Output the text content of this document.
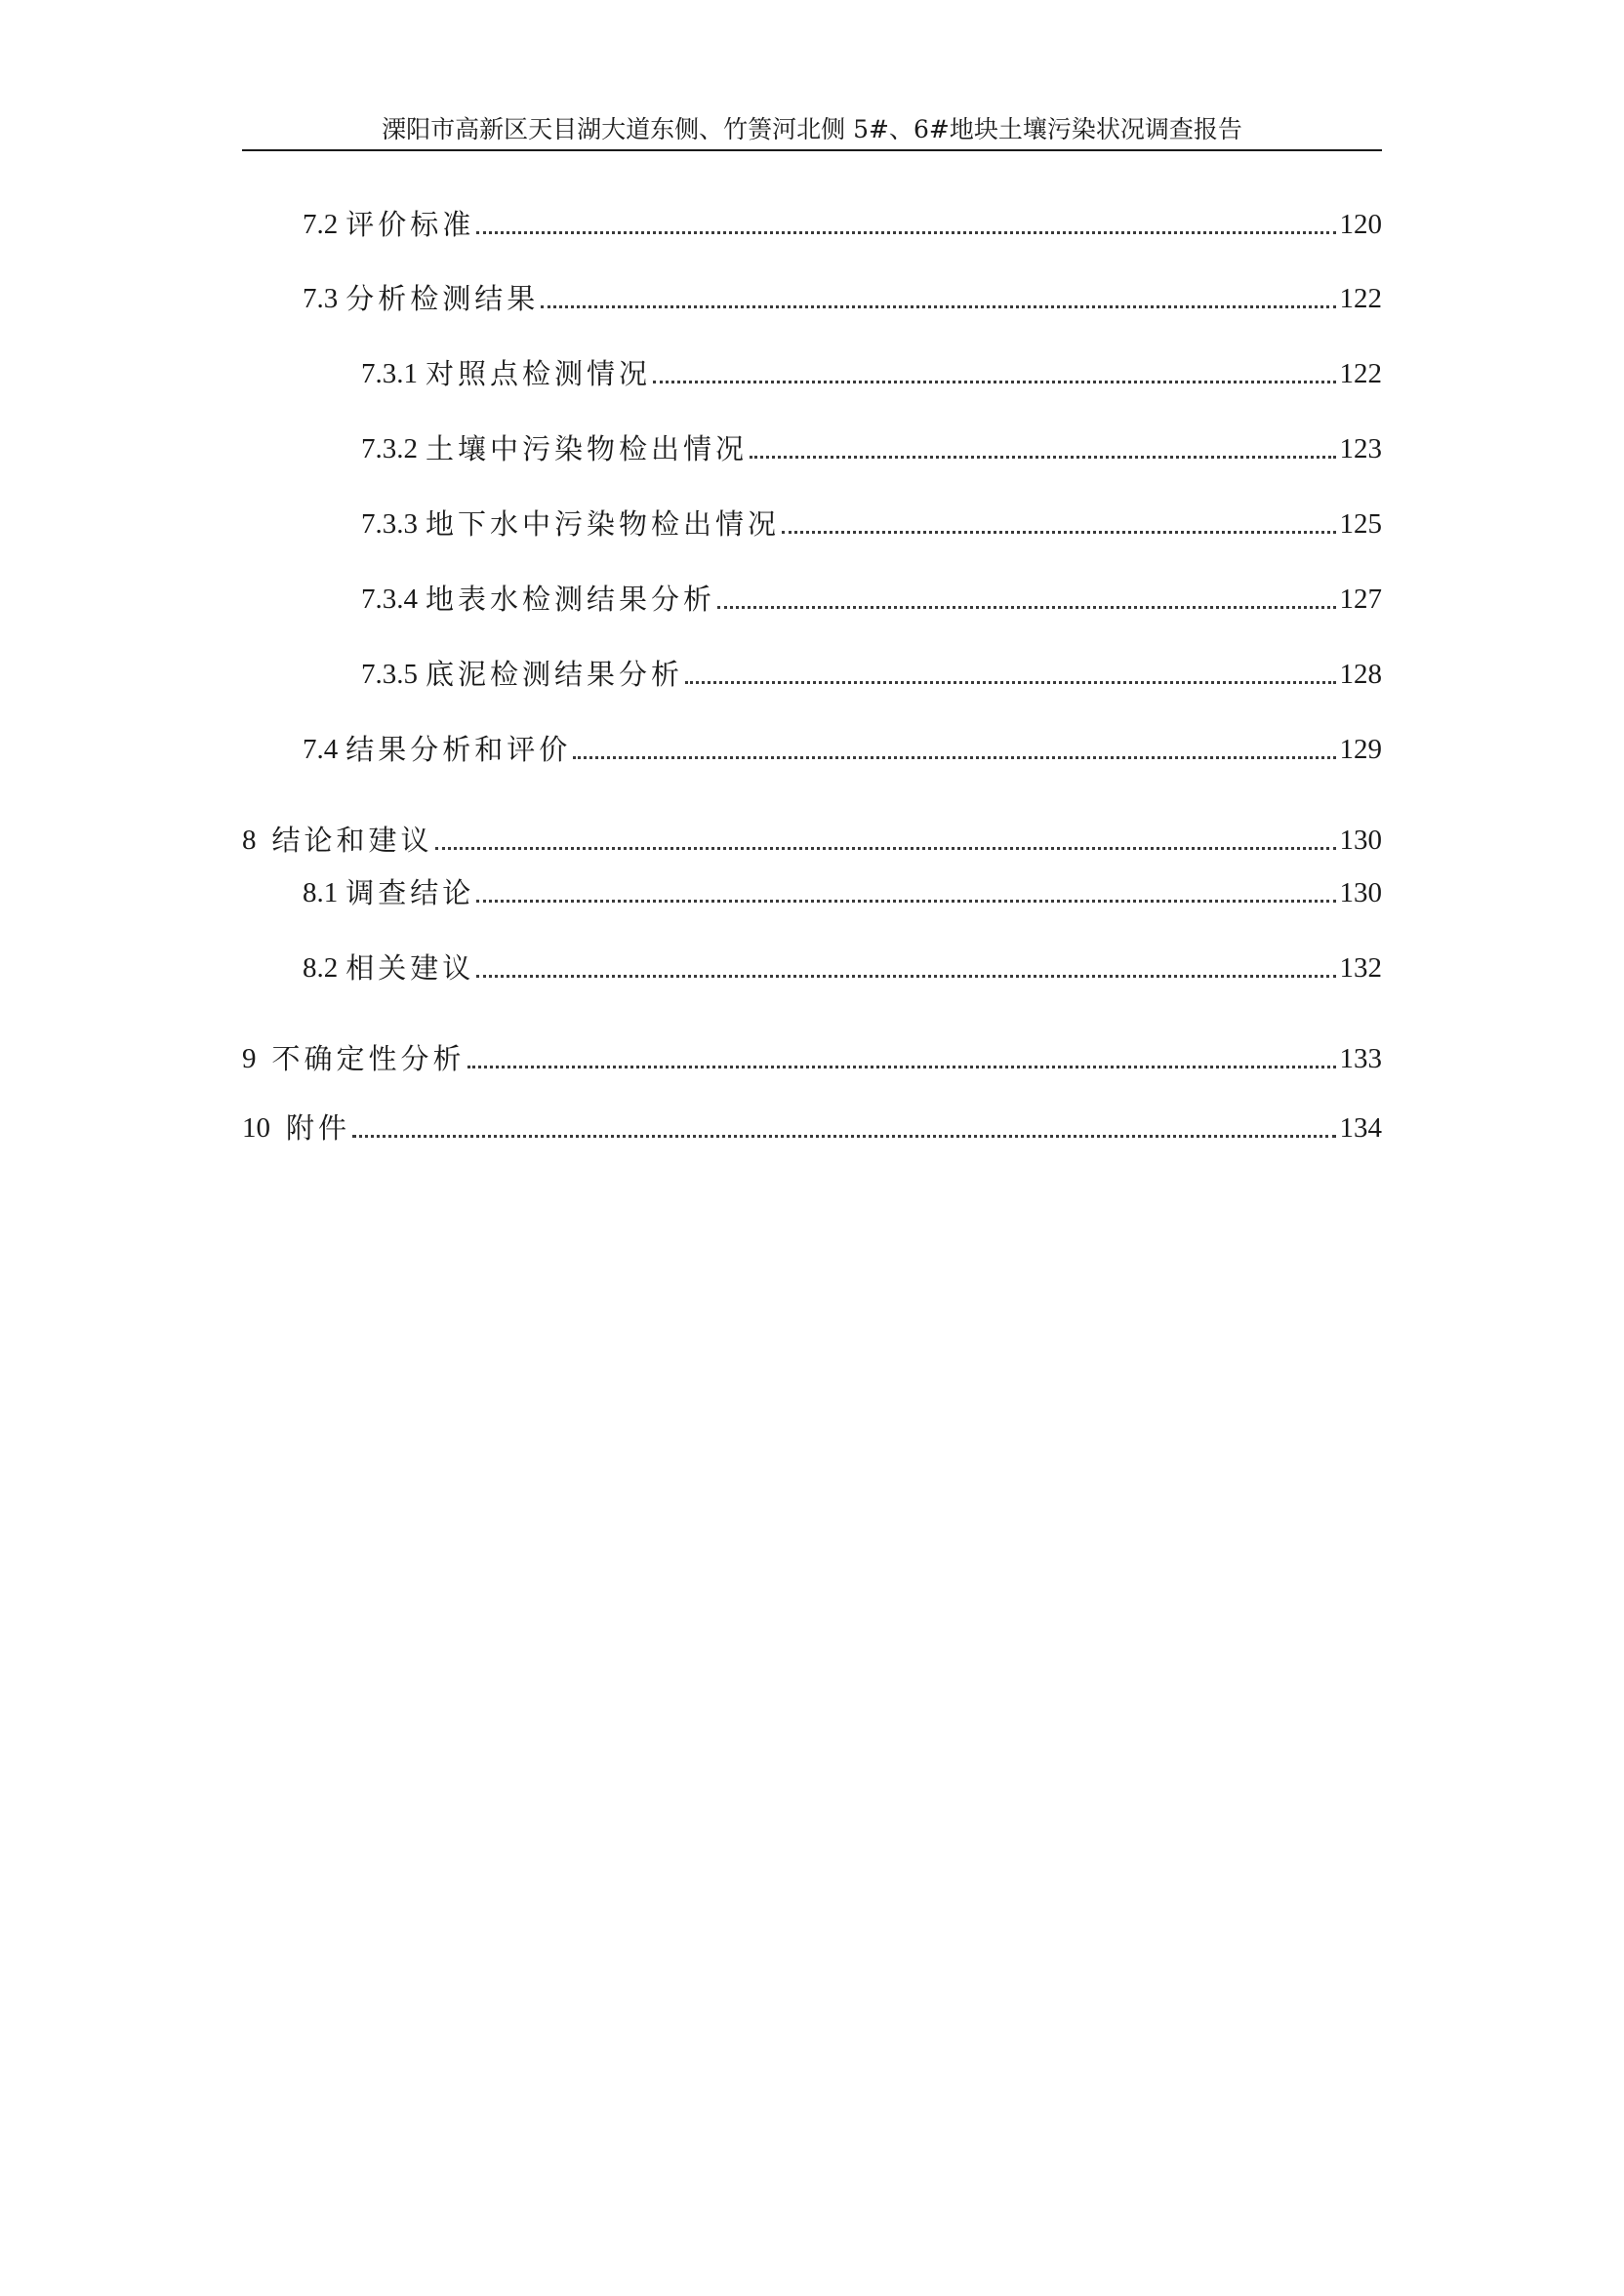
溧阳市高新区天目湖大道东侧、竹箦河北侧 5#、6#地块土壤污染状况调查报告
7.2 评价标准	120
7.3 分析检测结果	122
7.3.1 对照点检测情况	122
7.3.2 土壤中污染物检出情况	123
7.3.3 地下水中污染物检出情况	125
7.3.4 地表水检测结果分析	127
7.3.5 底泥检测结果分析	128
7.4 结果分析和评价	129
8 结论和建议	130
8.1 调查结论	130
8.2 相关建议	132
9 不确定性分析	133
10 附件	134
